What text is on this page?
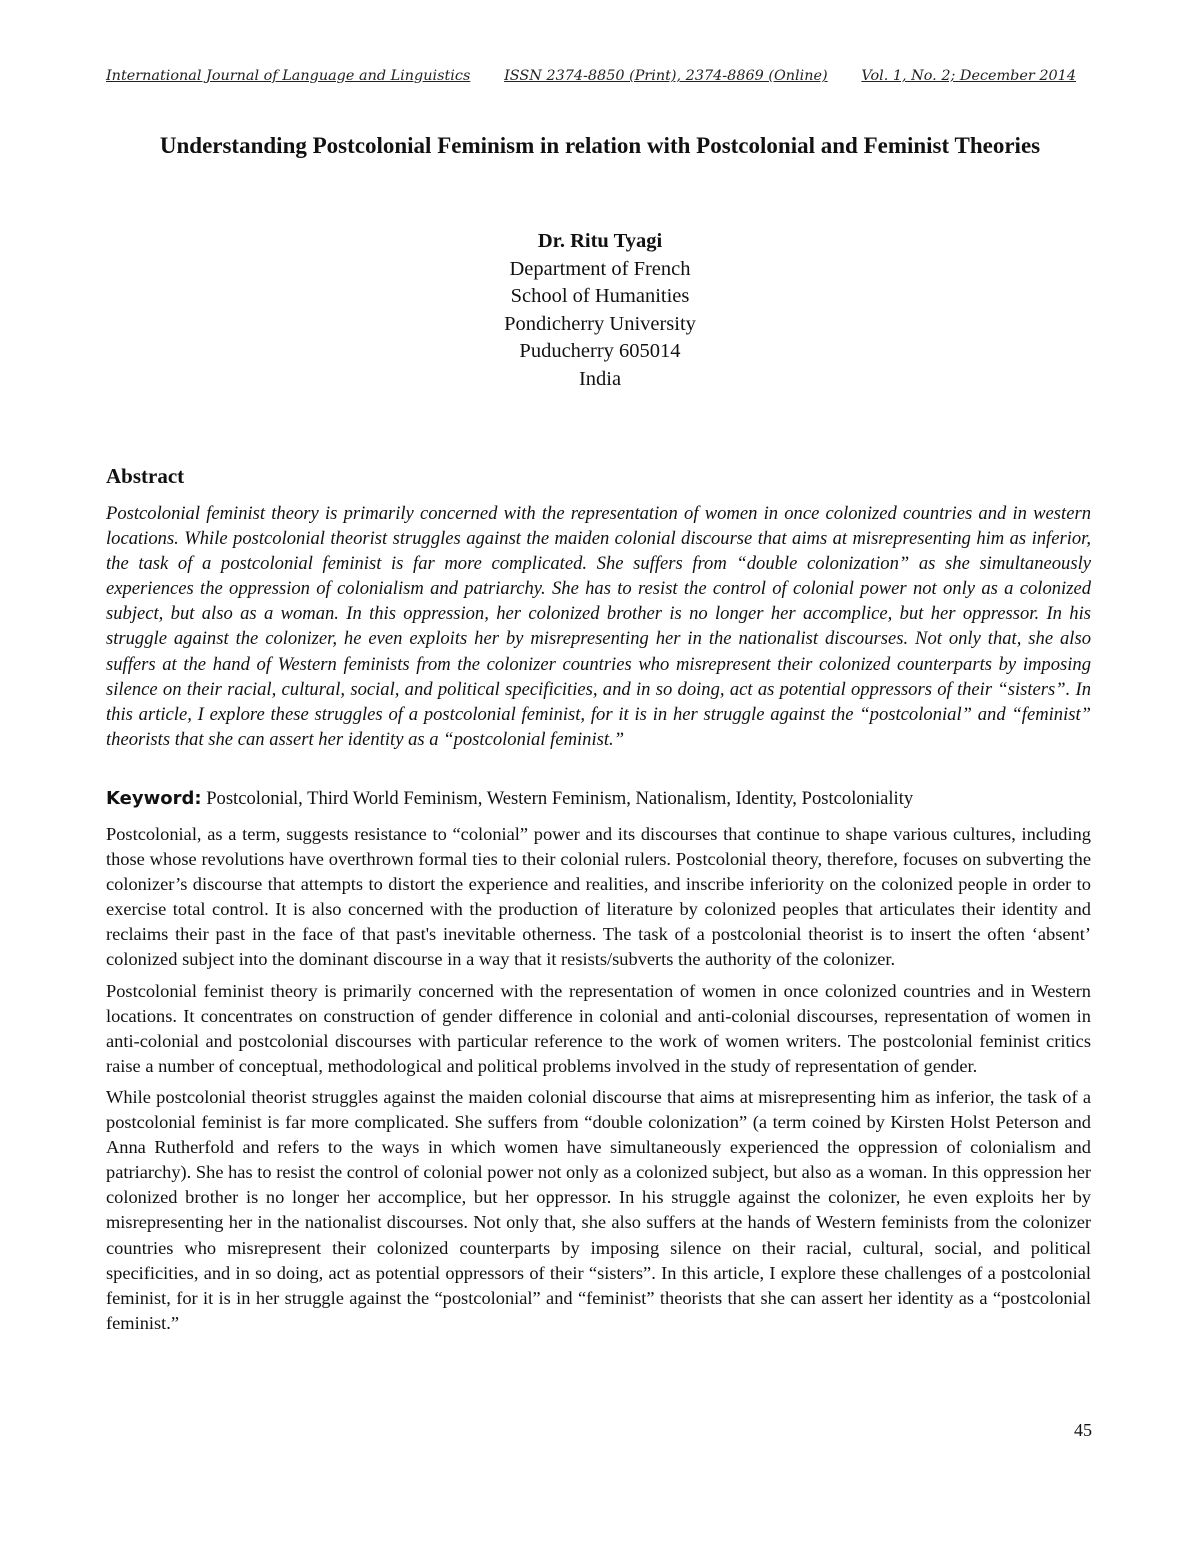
International Journal of Language and Linguistics ISSN 2374-8850 (Print), 2374-8869 (Online) Vol. 1, No. 2; December 2014
Understanding Postcolonial Feminism in relation with Postcolonial and Feminist Theories
Dr. Ritu Tyagi
Department of French
School of Humanities
Pondicherry University
Puducherry 605014
India
Abstract

Postcolonial feminist theory is primarily concerned with the representation of women in once colonized countries and in western locations. While postcolonial theorist struggles against the maiden colonial discourse that aims at misrepresenting him as inferior, the task of a postcolonial feminist is far more complicated. She suffers from “double colonization” as she simultaneously experiences the oppression of colonialism and patriarchy. She has to resist the control of colonial power not only as a colonized subject, but also as a woman. In this oppression, her colonized brother is no longer her accomplice, but her oppressor. In his struggle against the colonizer, he even exploits her by misrepresenting her in the nationalist discourses. Not only that, she also suffers at the hand of Western feminists from the colonizer countries who misrepresent their colonized counterparts by imposing silence on their racial, cultural, social, and political specificities, and in so doing, act as potential oppressors of their “sisters”. In this article, I explore these struggles of a postcolonial feminist, for it is in her struggle against the “postcolonial” and “feminist” theorists that she can assert her identity as a “postcolonial feminist.”

Keyword: Postcolonial, Third World Feminism, Western Feminism, Nationalism, Identity, Postcoloniality

Postcolonial, as a term, suggests resistance to “colonial” power and its discourses that continue to shape various cultures, including those whose revolutions have overthrown formal ties to their colonial rulers. Postcolonial theory, therefore, focuses on subverting the colonizer’s discourse that attempts to distort the experience and realities, and inscribe inferiority on the colonized people in order to exercise total control. It is also concerned with the production of literature by colonized peoples that articulates their identity and reclaims their past in the face of that past's inevitable otherness. The task of a postcolonial theorist is to insert the often ‘absent’ colonized subject into the dominant discourse in a way that it resists/subverts the authority of the colonizer.

Postcolonial feminist theory is primarily concerned with the representation of women in once colonized countries and in Western locations. It concentrates on construction of gender difference in colonial and anti-colonial discourses, representation of women in anti-colonial and postcolonial discourses with particular reference to the work of women writers. The postcolonial feminist critics raise a number of conceptual, methodological and political problems involved in the study of representation of gender.

While postcolonial theorist struggles against the maiden colonial discourse that aims at misrepresenting him as inferior, the task of a postcolonial feminist is far more complicated. She suffers from “double colonization” (a term coined by Kirsten Holst Peterson and Anna Rutherfold and refers to the ways in which women have simultaneously experienced the oppression of colonialism and patriarchy). She has to resist the control of colonial power not only as a colonized subject, but also as a woman. In this oppression her colonized brother is no longer her accomplice, but her oppressor. In his struggle against the colonizer, he even exploits her by misrepresenting her in the nationalist discourses. Not only that, she also suffers at the hands of Western feminists from the colonizer countries who misrepresent their colonized counterparts by imposing silence on their racial, cultural, social, and political specificities, and in so doing, act as potential oppressors of their “sisters”. In this article, I explore these challenges of a postcolonial feminist, for it is in her struggle against the “postcolonial” and “feminist” theorists that she can assert her identity as a “postcolonial feminist.”

45
